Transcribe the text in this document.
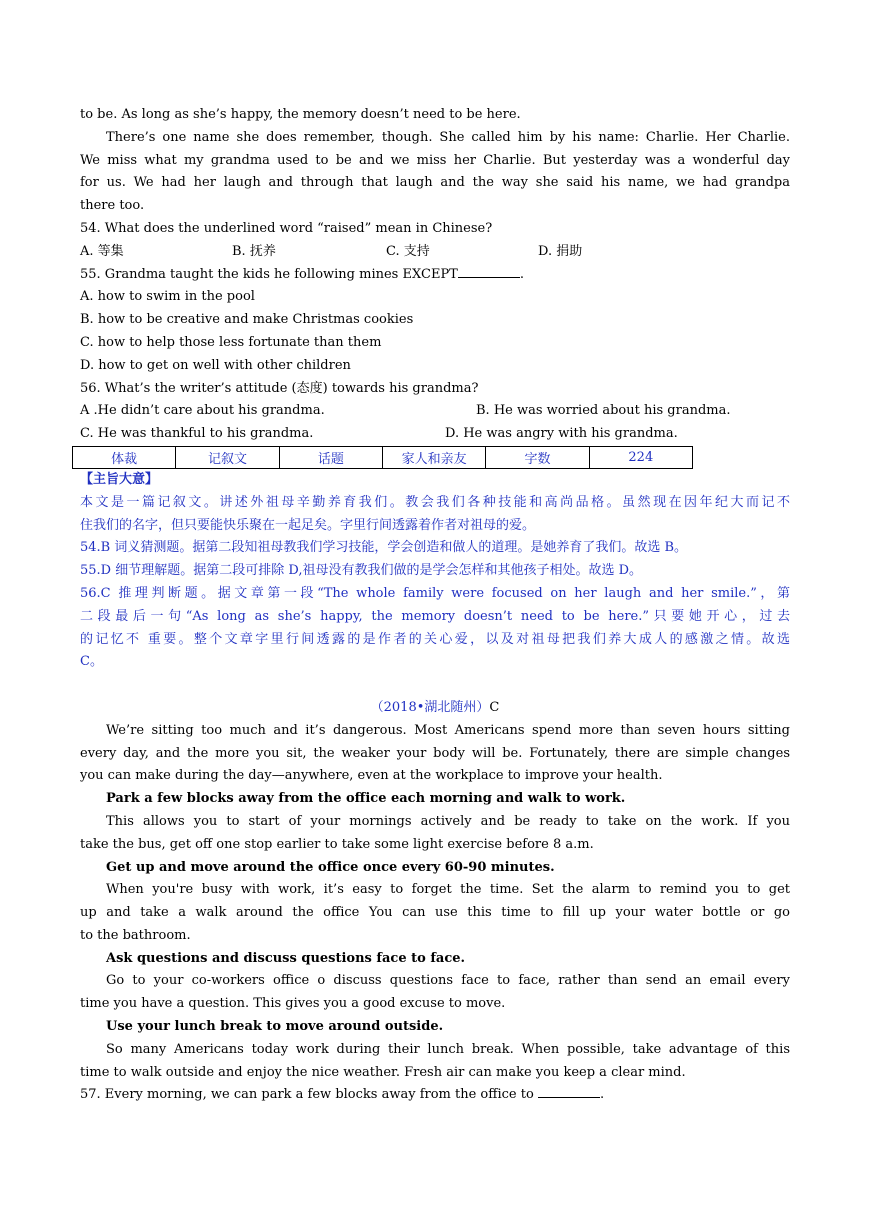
to be. As long as she’s happy, the memory doesn’t need to be here.
There’s one name she does remember, though. She called him by his name: Charlie. Her Charlie.
We miss what my grandma used to be and we miss her Charlie. But yesterday was a wonderful day
for us. We had her laugh and through that laugh and the way she said his name, we had grandpa
there too.
54. What does the underlined word “raised” mean in Chinese?
A. 等集	B. 抚养	C. 支持	D. 捐助
55. Grandma taught the kids he following mines EXCEPT	.
A. how to swim in the pool
B. how to be creative and make Christmas cookies
C. how to help those less fortunate than them
D. how to get on well with other children
56. What’s the writer’s attitude (态度) towards his grandma?
A .He didn’t care about his grandma.	B. He was worried about his grandma.
C. He was thankful to his grandma.	D. He was angry with his grandma.
体裁	记叙文	话题	家人和亲友	字数	224
【主旨大意】
本文是一篇记叙文。讲述外祖母辛勤养育我们。教会我们各种技能和高尚品格。虽然现在因年纪大而记不
住我们的名字，但只要能快乐聚在一起足矣。字里行间透露着作者对祖母的爱。
54.B 词义猜测题。据第二段知祖母教我们学习技能，学会创造和做人的道理。是她养育了我们。故选 B。
55.D 细节理解题。据第二段可排除 D,祖母没有教我们做的是学会怎样和其他孩子相处。故选 D。
56.C 推理判断题。据文章第一段“The whole family were focused on her laugh and her smile.”，第
二段最后一句“As long as she’s happy, the memory doesn’t need to be here.”只要她开心，过去
的记忆不 重要。整个文章字里行间透露的是作者的关心爱，以及对祖母把我们养大成人的感激之情。故选
C。
（2018•湖北随州）C
We’re sitting too much and it’s dangerous. Most Americans spend more than seven hours sitting
every day, and the more you sit, the weaker your body will be. Fortunately, there are simple changes
you can make during the day—anywhere, even at the workplace to improve your health.
Park a few blocks away from the office each morning and walk to work.
This allows you to start of your mornings actively and be ready to take on the work. If you
take the bus, get off one stop earlier to take some light exercise before 8 a.m.
Get up and move around the office once every 60-90 minutes.
When you're busy with work, it’s easy to forget the time. Set the alarm to remind you to get
up and take a walk around the office You can use this time to fill up your water bottle or go
to the bathroom.
Ask questions and discuss questions face to face.
Go to your co-workers office o discuss questions face to face, rather than send an email every
time you have a question. This gives you a good excuse to move.
Use your lunch break to move around outside.
So many Americans today work during their lunch break. When possible, take advantage of this
time to walk outside and enjoy the nice weather. Fresh air can make you keep a clear mind.
57. Every morning, we can park a few blocks away from the office to	.
